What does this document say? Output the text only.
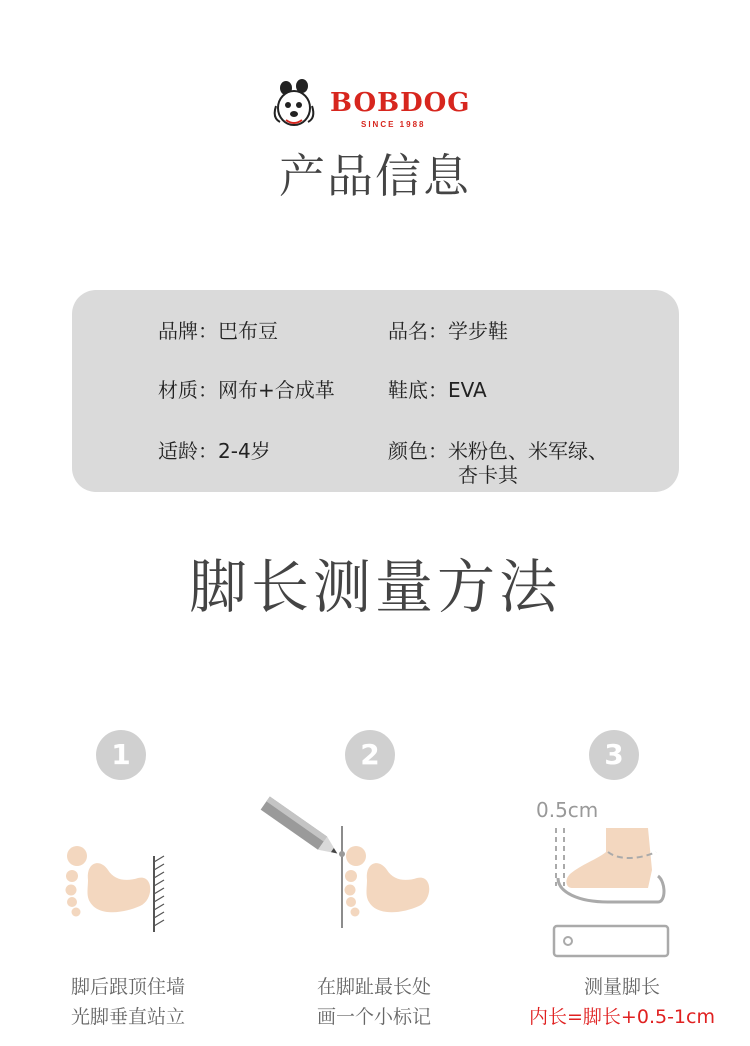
BOBDOG
SINCE 1988
产品信息
品牌：巴布豆	品名：学步鞋
材质：网布+合成革	鞋底：EVA
适龄：2-4岁	颜色：米粉色、米军绿、
杏卡其
脚长测量方法
1	2	3
0.5cm
脚后跟顶住墙
光脚垂直站立
在脚趾最长处
画一个小标记
测量脚长
内长=脚长+0.5-1cm
